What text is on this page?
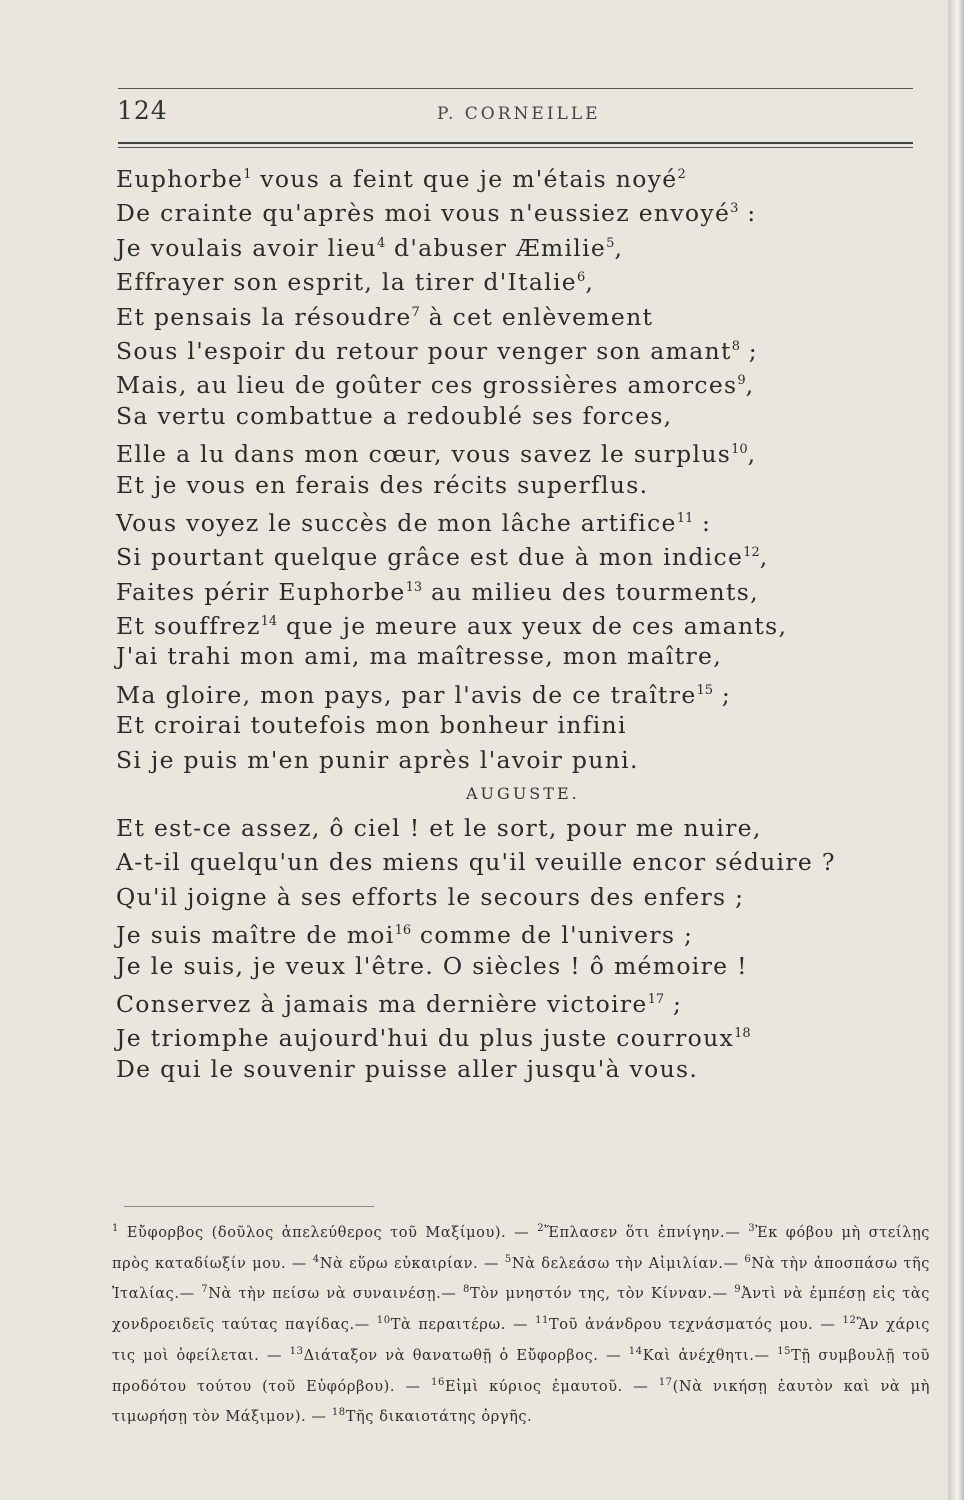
124	P. CORNEILLE
Euphorbe$^1$ vous a feint que je m'étais noyé$^2$
De crainte qu'après moi vous n'eussiez envoyé$^3$ :
Je voulais avoir lieu$^4$ d'abuser Æmilie$^5$,
Effrayer son esprit, la tirer d'Italie$^6$,
Et pensais la résoudre$^7$ à cet enlèvement
Sous l'espoir du retour pour venger son amant$^8$ ;
Mais, au lieu de goûter ces grossières amorces$^9$,
Sa vertu combattue a redoublé ses forces,
Elle a lu dans mon cœur, vous savez le surplus$^{10}$,
Et je vous en ferais des récits superflus.
Vous voyez le succès de mon lâche artifice$^{11}$ :
Si pourtant quelque grâce est due à mon indice$^{12}$,
Faites périr Euphorbe$^{13}$ au milieu des tourments,
Et souffrez$^{14}$ que je meure aux yeux de ces amants,
J'ai trahi mon ami, ma maîtresse, mon maître,
Ma gloire, mon pays, par l'avis de ce traître$^{15}$ ;
Et croirai toutefois mon bonheur infini
Si je puis m'en punir après l'avoir puni.
AUGUSTE.
Et est-ce assez, ô ciel ! et le sort, pour me nuire,
A-t-il quelqu'un des miens qu'il veuille encor séduire ?
Qu'il joigne à ses efforts le secours des enfers ;
Je suis maître de moi$^{16}$ comme de l'univers ;
Je le suis, je veux l'être. O siècles ! ô mémoire !
Conservez à jamais ma dernière victoire$^{17}$ ;
Je triomphe aujourd'hui du plus juste courroux$^{18}$
De qui le souvenir puisse aller jusqu'à vous.
$^1$ Εὔφορβος (δοῦλος ἀπελεύθερος τοῦ Μαξίμου). — $^2$Ἔπλασεν ὅτι ἐπνίγην.— $^3$Ἐκ φόβου μὴ στείλῃς πρὸς καταδίωξίν μου. — $^4$Νὰ εὕρω εὐκαιρίαν. — $^5$Νὰ δελεάσω τὴν Αἰμιλίαν.— $^6$Νὰ τὴν ἀποσπάσω τῆς Ἰταλίας.— $^7$Νὰ τὴν πείσω νὰ συναινέσῃ.— $^8$Τὸν μνηστόν της, τὸν Κίνναν.— $^9$Ἀντὶ νὰ ἐμπέσῃ εἰς τὰς χονδροειδεῖς ταύτας παγίδας.— $^{10}$Τὰ περαιτέρω. — $^{11}$Τοῦ ἀνάνδρου τεχνάσματός μου. — $^{12}$Ἂν χάρις τις μοὶ ὀφείλεται. — $^{13}$Διάταξον νὰ θανατωθῇ ὁ Εὔφορβος. — $^{14}$Καὶ ἀνέχθητι.— $^{15}$Τῇ συμβουλῇ τοῦ προδότου τούτου (τοῦ Εὐφόρβου). — $^{16}$Εἰμὶ κύριος ἐμαυτοῦ. — $^{17}$(Νὰ νικήσῃ ἑαυτὸν καὶ νὰ μὴ τιμωρήσῃ τὸν Μάξιμον). — $^{18}$Τῆς δικαιοτάτης ὀργῆς.
